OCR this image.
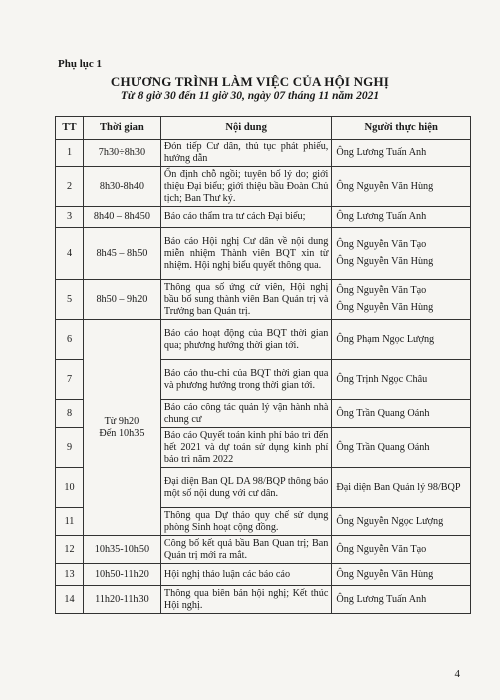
Phụ lục 1
CHƯƠNG TRÌNH LÀM VIỆC CỦA HỘI NGHỊ
Từ 8 giờ 30 đến 11 giờ 30, ngày 07 tháng 11 năm 2021
TT	Thời gian	Nội dung	Người thực hiện
1	7h30÷8h30	Đón tiếp Cư dân, thủ tục phát phiếu, hướng dẫn	Ông Lương Tuấn Anh

2	8h30-8h40	Ổn định chỗ ngồi; tuyên bố lý do; giới thiệu Đại biểu; giới thiệu bầu Đoàn Chủ tịch; Ban Thư ký.	Ông Nguyễn Văn Hùng

3	8h40 – 8h450	Báo cáo thẩm tra tư cách Đại biểu;	Ông Lương Tuấn Anh

4	8h45 – 8h50	Báo cáo Hội nghị Cư dân về nội dung miễn nhiệm Thành viên BQT xin từ nhiệm. Hội nghị biểu quyết thông qua.	Ông Nguyễn Văn Tạo
Ông Nguyễn Văn Hùng

5	8h50 – 9h20	Thông qua số ứng cử viên, Hội nghị bầu bổ sung thành viên Ban Quản trị và Trưởng ban Quản trị.	Ông Nguyễn Văn Tạo
Ông Nguyễn Văn Hùng

6	Từ 9h20
Đến 10h35	Báo cáo hoạt động của BQT thời gian qua; phương hướng thời gian tới.	Ông Phạm Ngọc Lượng

7		Báo cáo thu-chi của BQT thời gian qua và phương hướng trong thời gian tới.	Ông Trịnh Ngọc Châu

8		Báo cáo công tác quản lý vận hành nhà chung cư	Ông Trần Quang Oánh

9		Báo cáo Quyết toán kinh phí bảo trì đến hết 2021 và dự toán sử dụng kinh phí bảo trì năm 2022	Ông Trần Quang Oánh

10		Đại diện Ban QL DA 98/BQP thông báo một số nội dung với cư dân.	Đại diện Ban Quản lý 98/BQP

11		Thông qua Dự thảo quy chế sử dụng phòng Sinh hoạt cộng đồng.	Ông Nguyễn Ngọc Lượng

12	10h35-10h50	Công bố kết quả bầu Ban Quan trị; Ban Quản trị mới ra mắt.	Ông Nguyễn Văn Tạo

13	10h50-11h20	Hội nghị thảo luận các báo cáo	Ông Nguyễn Văn Hùng

14	11h20-11h30	Thông qua biên bản hội nghị; Kết thúc Hội nghị.	Ông Lương Tuấn Anh
4
